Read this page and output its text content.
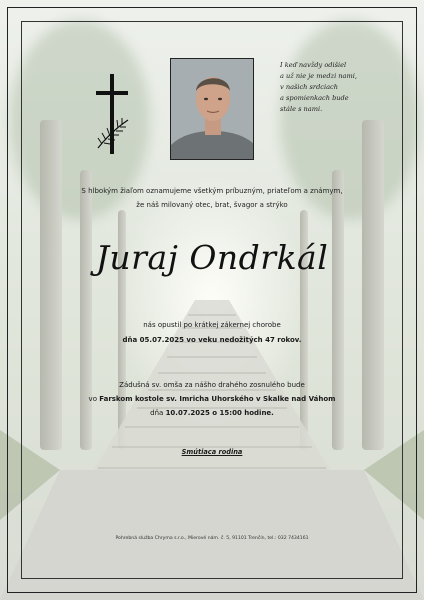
I keď navždy odišiel
a už nie je medzi nami,
v našich srdciach
a spomienkach bude
stále s nami.
S hlbokým žiaľom oznamujeme všetkým príbuzným, priateľom a známym,
že náš milovaný otec, brat, švagor a strýko
Juraj Ondrkál
nás opustil po krátkej zákernej chorobe
dňa 05.07.2025 vo veku nedožitých 47 rokov.
Zádušná sv. omša za nášho drahého zosnulého bude
vo Farskom kostole sv. Imricha Uhorského v Skalke nad Váhom
dňa 10.07.2025 o 15:00 hodine.
Smútiaca rodina
Pohrebná služba Chryma s.r.o., Mierové nám. č. 5, 91101 Trenčín, tel.: 032 7434161
